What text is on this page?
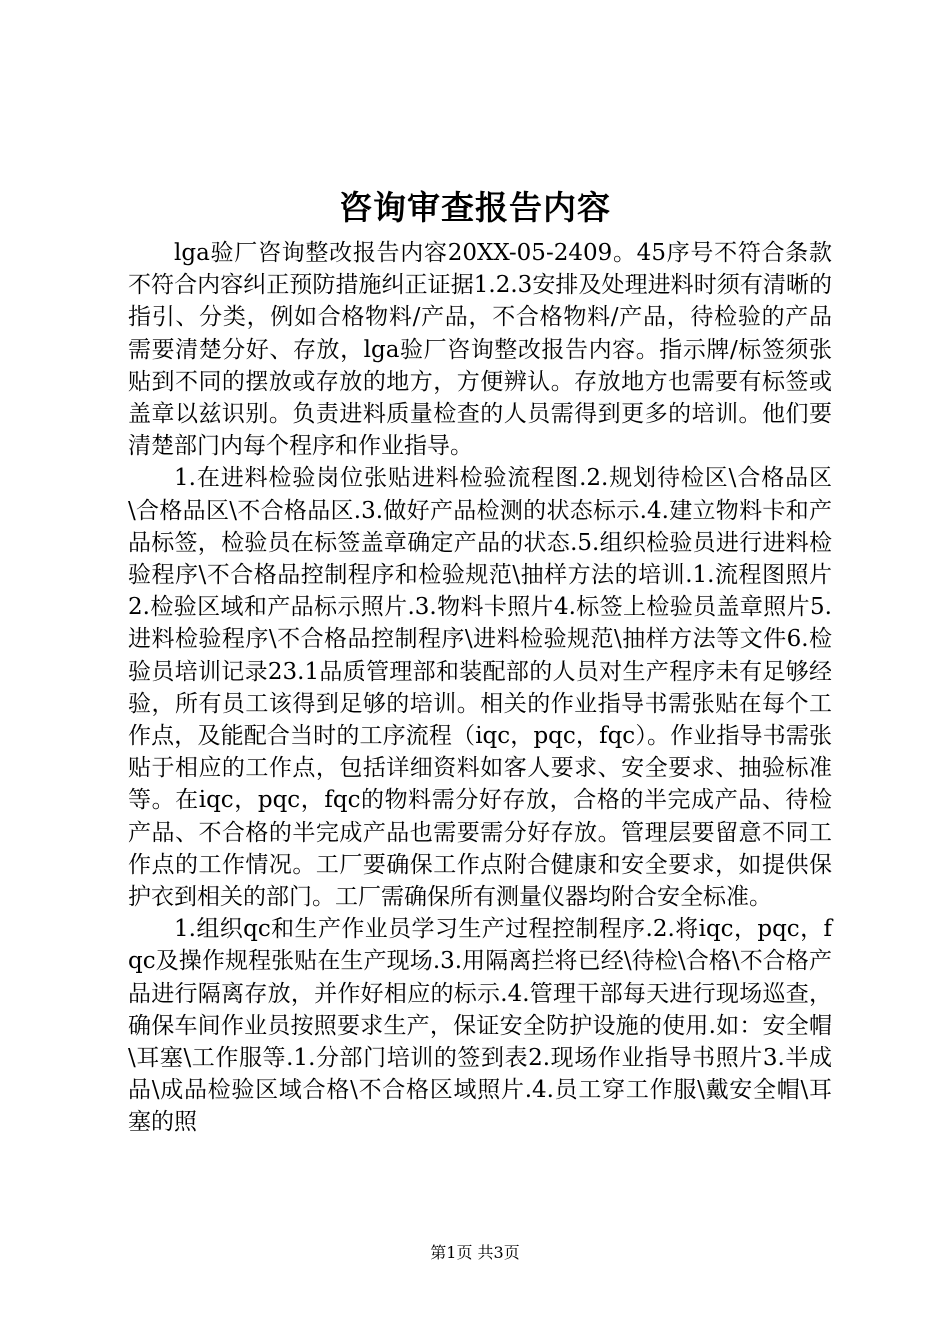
咨询审查报告内容

lga验厂咨询整改报告内容20XX-05-2409。45序号不符合条款不符合内容纠正预防措施纠正证据1.2.3安排及处理进料时须有清晰的指引、分类，例如合格物料/产品，不合格物料/产品，待检验的产品需要清楚分好、存放，lga验厂咨询整改报告内容。指示牌/标签须张贴到不同的摆放或存放的地方，方便辨认。存放地方也需要有标签或盖章以兹识别。负责进料质量检查的人员需得到更多的培训。他们要清楚部门内每个程序和作业指导。

1.在进料检验岗位张贴进料检验流程图.2.规划待检区\合格品区\合格品区\不合格品区.3.做好产品检测的状态标示.4.建立物料卡和产品标签，检验员在标签盖章确定产品的状态.5.组织检验员进行进料检验程序\不合格品控制程序和检验规范\抽样方法的培训.1.流程图照片2.检验区域和产品标示照片.3.物料卡照片4.标签上检验员盖章照片5.进料检验程序\不合格品控制程序\进料检验规范\抽样方法等文件6.检验员培训记录23.1品质管理部和装配部的人员对生产程序未有足够经验，所有员工该得到足够的培训。相关的作业指导书需张贴在每个工作点，及能配合当时的工序流程（iqc，pqc，fqc）。作业指导书需张贴于相应的工作点，包括详细资料如客人要求、安全要求、抽验标准等。在iqc，pqc，fqc的物料需分好存放，合格的半完成产品、待检产品、不合格的半完成产品也需要需分好存放。管理层要留意不同工作点的工作情况。工厂要确保工作点附合健康和安全要求，如提供保护衣到相关的部门。工厂需确保所有测量仪器均附合安全标准。

1.组织qc和生产作业员学习生产过程控制程序.2.将iqc，pqc，fqc及操作规程张贴在生产现场.3.用隔离拦将已经\待检\合格\不合格产品进行隔离存放，并作好相应的标示.4.管理干部每天进行现场巡查，确保车间作业员按照要求生产，保证安全防护设施的使用.如：安全帽\耳塞\工作服等.1.分部门培训的签到表2.现场作业指导书照片3.半成品\成品检验区域合格\不合格区域照片.4.员工穿工作服\戴安全帽\耳塞的照

第1页 共3页
